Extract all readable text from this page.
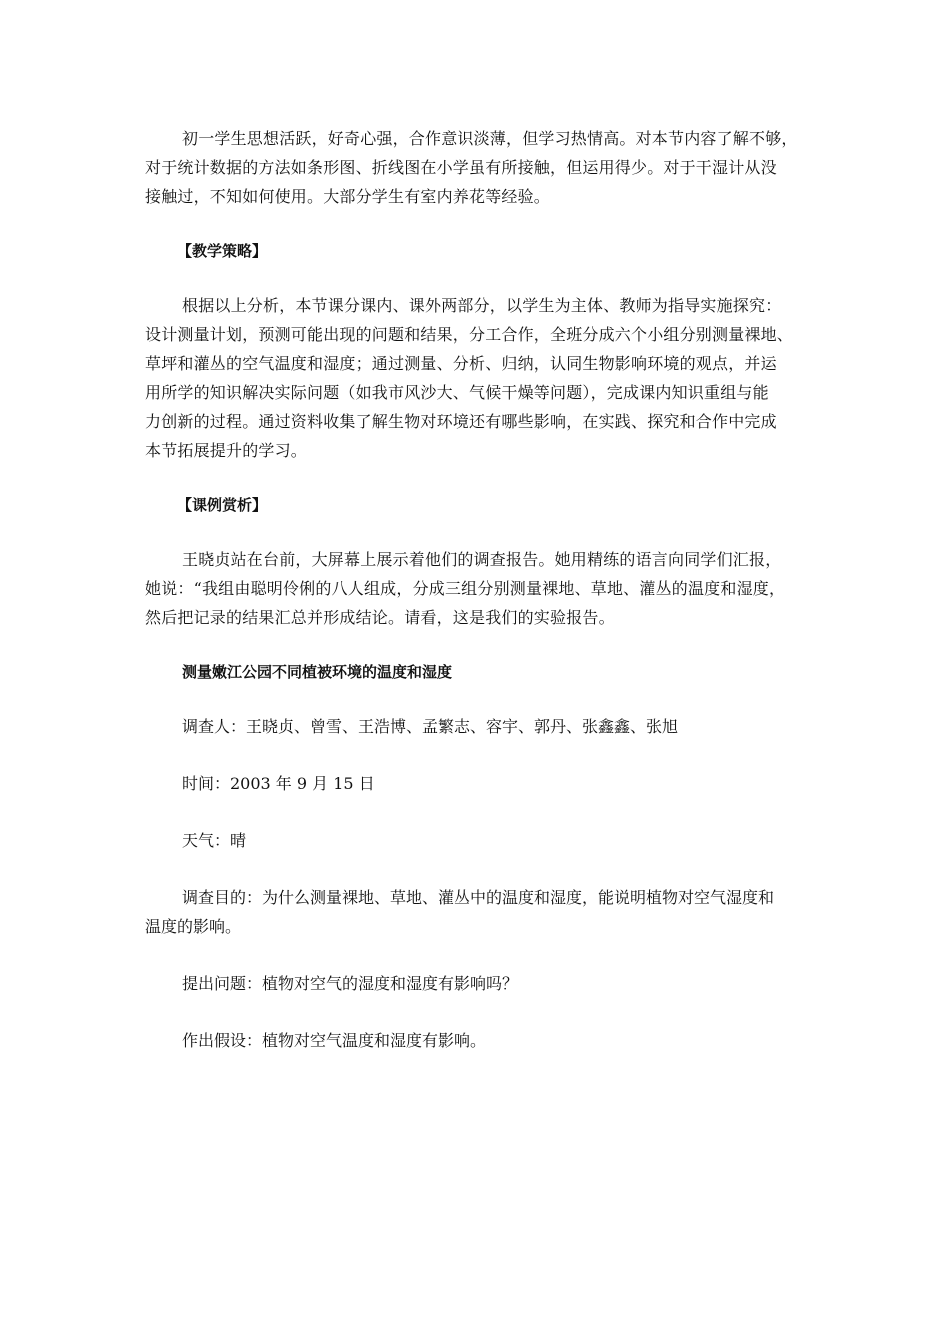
初一学生思想活跃，好奇心强，合作意识淡薄，但学习热情高。对本节内容了解不够，
对于统计数据的方法如条形图、折线图在小学虽有所接触，但运用得少。对于干湿计从没
接触过，不知如何使用。大部分学生有室内养花等经验。

【教学策略】

根据以上分析，本节课分课内、课外两部分，以学生为主体、教师为指导实施探究：
设计测量计划，预测可能出现的问题和结果，分工合作，全班分成六个小组分别测量裸地、
草坪和灌丛的空气温度和湿度；通过测量、分析、归纳，认同生物影响环境的观点，并运
用所学的知识解决实际问题（如我市风沙大、气候干燥等问题），完成课内知识重组与能
力创新的过程。通过资料收集了解生物对环境还有哪些影响，在实践、探究和合作中完成
本节拓展提升的学习。

【课例赏析】

王晓贞站在台前，大屏幕上展示着他们的调查报告。她用精练的语言向同学们汇报，
她说：“我组由聪明伶俐的八人组成，分成三组分别测量裸地、草地、灌丛的温度和湿度，
然后把记录的结果汇总并形成结论。请看，这是我们的实验报告。

测量嫩江公园不同植被环境的温度和湿度
调查人：王晓贞、曾雪、王浩博、孟繁志、容宇、郭丹、张鑫鑫、张旭
时间：2003 年 9 月 15 日
天气：晴
调查目的：为什么测量裸地、草地、灌丛中的温度和湿度，能说明植物对空气湿度和
温度的影响。
提出问题：植物对空气的湿度和湿度有影响吗？
作出假设：植物对空气温度和湿度有影响。
